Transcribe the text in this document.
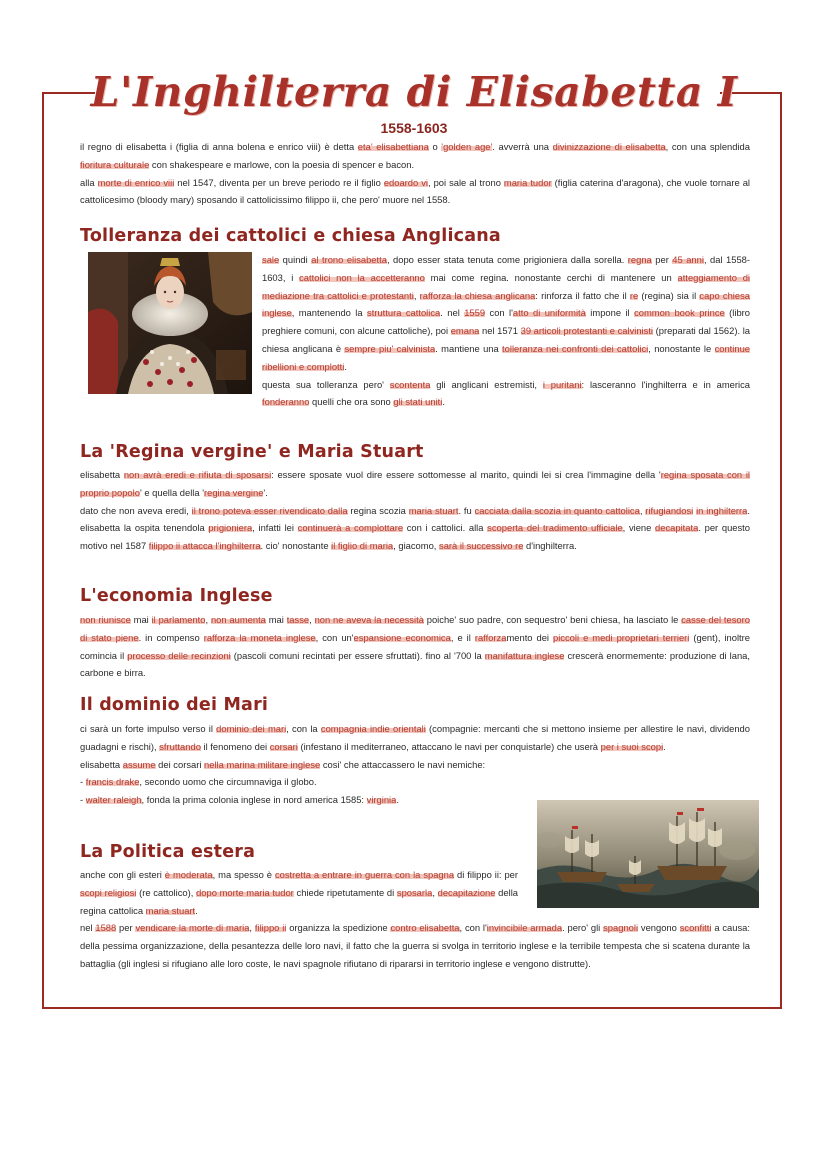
L'Inghilterra di Elisabetta I
1558-1603

il regno di elisabetta i (figlia di anna bolena e enrico viii) è detta eta' elisabettiana o 'golden age'. avverrà una divinizzazione di elisabetta, con una splendida fioritura culturale con shakespeare e marlowe, con la poesia di spencer e bacon.

alla morte di enrico viii nel 1547, diventa per un breve periodo re il figlio edoardo vi, poi sale al trono maria tudor (figlia caterina d'aragona), che vuole tornare al cattolicesimo (bloody mary) sposando il cattolicissimo filippo ii, che pero' muore nel 1558.

Tolleranza dei cattolici e chiesa Anglicana

sale quindi al trono elisabetta, dopo esser stata tenuta come prigioniera dalla sorella. regna per 45 anni, dal 1558-1603, i cattolici non la accetteranno mai come regina. nonostante cerchi di mantenere un atteggiamento di mediazione tra cattolici e protestanti, rafforza la chiesa anglicana: rinforza il fatto che il re (regina) sia il capo chiesa inglese, mantenendo la struttura cattolica. nel 1559 con l'atto di uniformità impone il common book prince (libro preghiere comuni, con alcune cattoliche), poi emana nel 1571 39 articoli protestanti e calvinisti (preparati dal 1562). la chiesa anglicana è sempre piu' calvinista. mantiene una tolleranza nei confronti dei cattolici, nonostante le continue ribellioni e complotti.

questa sua tolleranza pero' scontenta gli anglicani estremisti, i puritani: lasceranno l'inghilterra e in america fonderanno quelli che ora sono gli stati uniti.

La 'Regina vergine' e Maria Stuart

elisabetta non avrà eredi e rifiuta di sposarsi: essere sposate vuol dire essere sottomesse al marito, quindi lei si crea l'immagine della 'regina sposata con il proprio popolo' e quella della 'regina vergine'.

dato che non aveva eredi, il trono poteva esser rivendicato dalla regina scozia maria stuart. fu cacciata dalla scozia in quanto cattolica, rifugiandosi in inghilterra. elisabetta la ospita tenendola prigioniera, infatti lei continuerà a complottare con i cattolici. alla scoperta del tradimento ufficiale, viene decapitata. per questo motivo nel 1587 filippo ii attacca l'inghilterra. cio' nonostante il figlio di maria, giacomo, sarà il successivo re d'inghilterra.

L'economia Inglese

non riunisce mai il parlamento, non aumenta mai tasse, non ne aveva la necessità poiche' suo padre, con sequestro' beni chiesa, ha lasciato le casse del tesoro di stato piene. in compenso rafforza la moneta inglese, con un'espansione economica, e il rafforzamento dei piccoli e medi proprietari terrieri (gent), inoltre comincia il processo delle recinzioni (pascoli comuni recintati per essere sfruttati). fino al '700 la manifattura inglese crescerà enormemente: produzione di lana, carbone e birra.

Il dominio dei Mari

ci sarà un forte impulso verso il dominio dei mari, con la compagnia indie orientali (compagnie: mercanti che si mettono insieme per allestire le navi, dividendo guadagni e rischi), sfruttando il fenomeno dei corsari (infestano il mediterraneo, attaccano le navi per conquistarle) che userà per i suoi scopi.

elisabetta assume dei corsari nella marina militare inglese cosi' che attaccassero le navi nemiche:

- francis drake, secondo uomo che circumnaviga il globo.

- walter raleigh, fonda la prima colonia inglese in nord america 1585: virginia.

La Politica estera

anche con gli esteri è moderata, ma spesso è costretta a entrare in guerra con la spagna di filippo ii: per scopi religiosi (re cattolico), dopo morte maria tudor chiede ripetutamente di sposarla, decapitazione della regina cattolica maria stuart.

nel 1588 per vendicare la morte di maria, filippo ii organizza la spedizione contro elisabetta, con l'invincibile armada. pero' gli spagnoli vengono sconfitti a causa: della pessima organizzazione, della pesantezza delle loro navi, il fatto che la guerra si svolga in territorio inglese e la terribile tempesta che si scatena durante la battaglia (gli inglesi si rifugiano alle loro coste, le navi spagnole rifiutano di ripararsi in territorio inglese e vengono distrutte).
